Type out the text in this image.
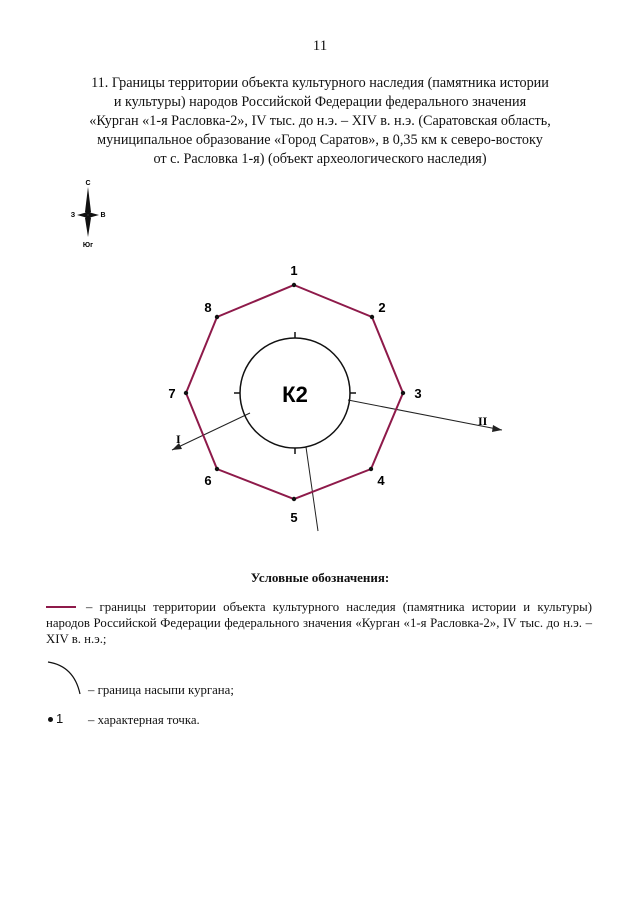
11
11. Границы территории объекта культурного наследия (памятника истории
и культуры) народов Российской Федерации федерального значения
«Курган «1-я Расловка-2», IV тыс. до н.э. – XIV в. н.э. (Саратовская область,
муниципальное образование «Город Саратов», в 0,35 км к северо-востоку
от с. Расловка 1-я) (объект археологического наследия)
С
З	В
Юг
II
I
К2
1
2
3
4
5
6
7
8
Условные обозначения:
– границы территории объекта культурного наследия (памятника истории и культуры) народов Российской Федерации федерального значения «Курган «1-я Расловка-2», IV тыс. до н.э. – XIV в. н.э.;
– граница насыпи кургана;
1 – характерная точка.
